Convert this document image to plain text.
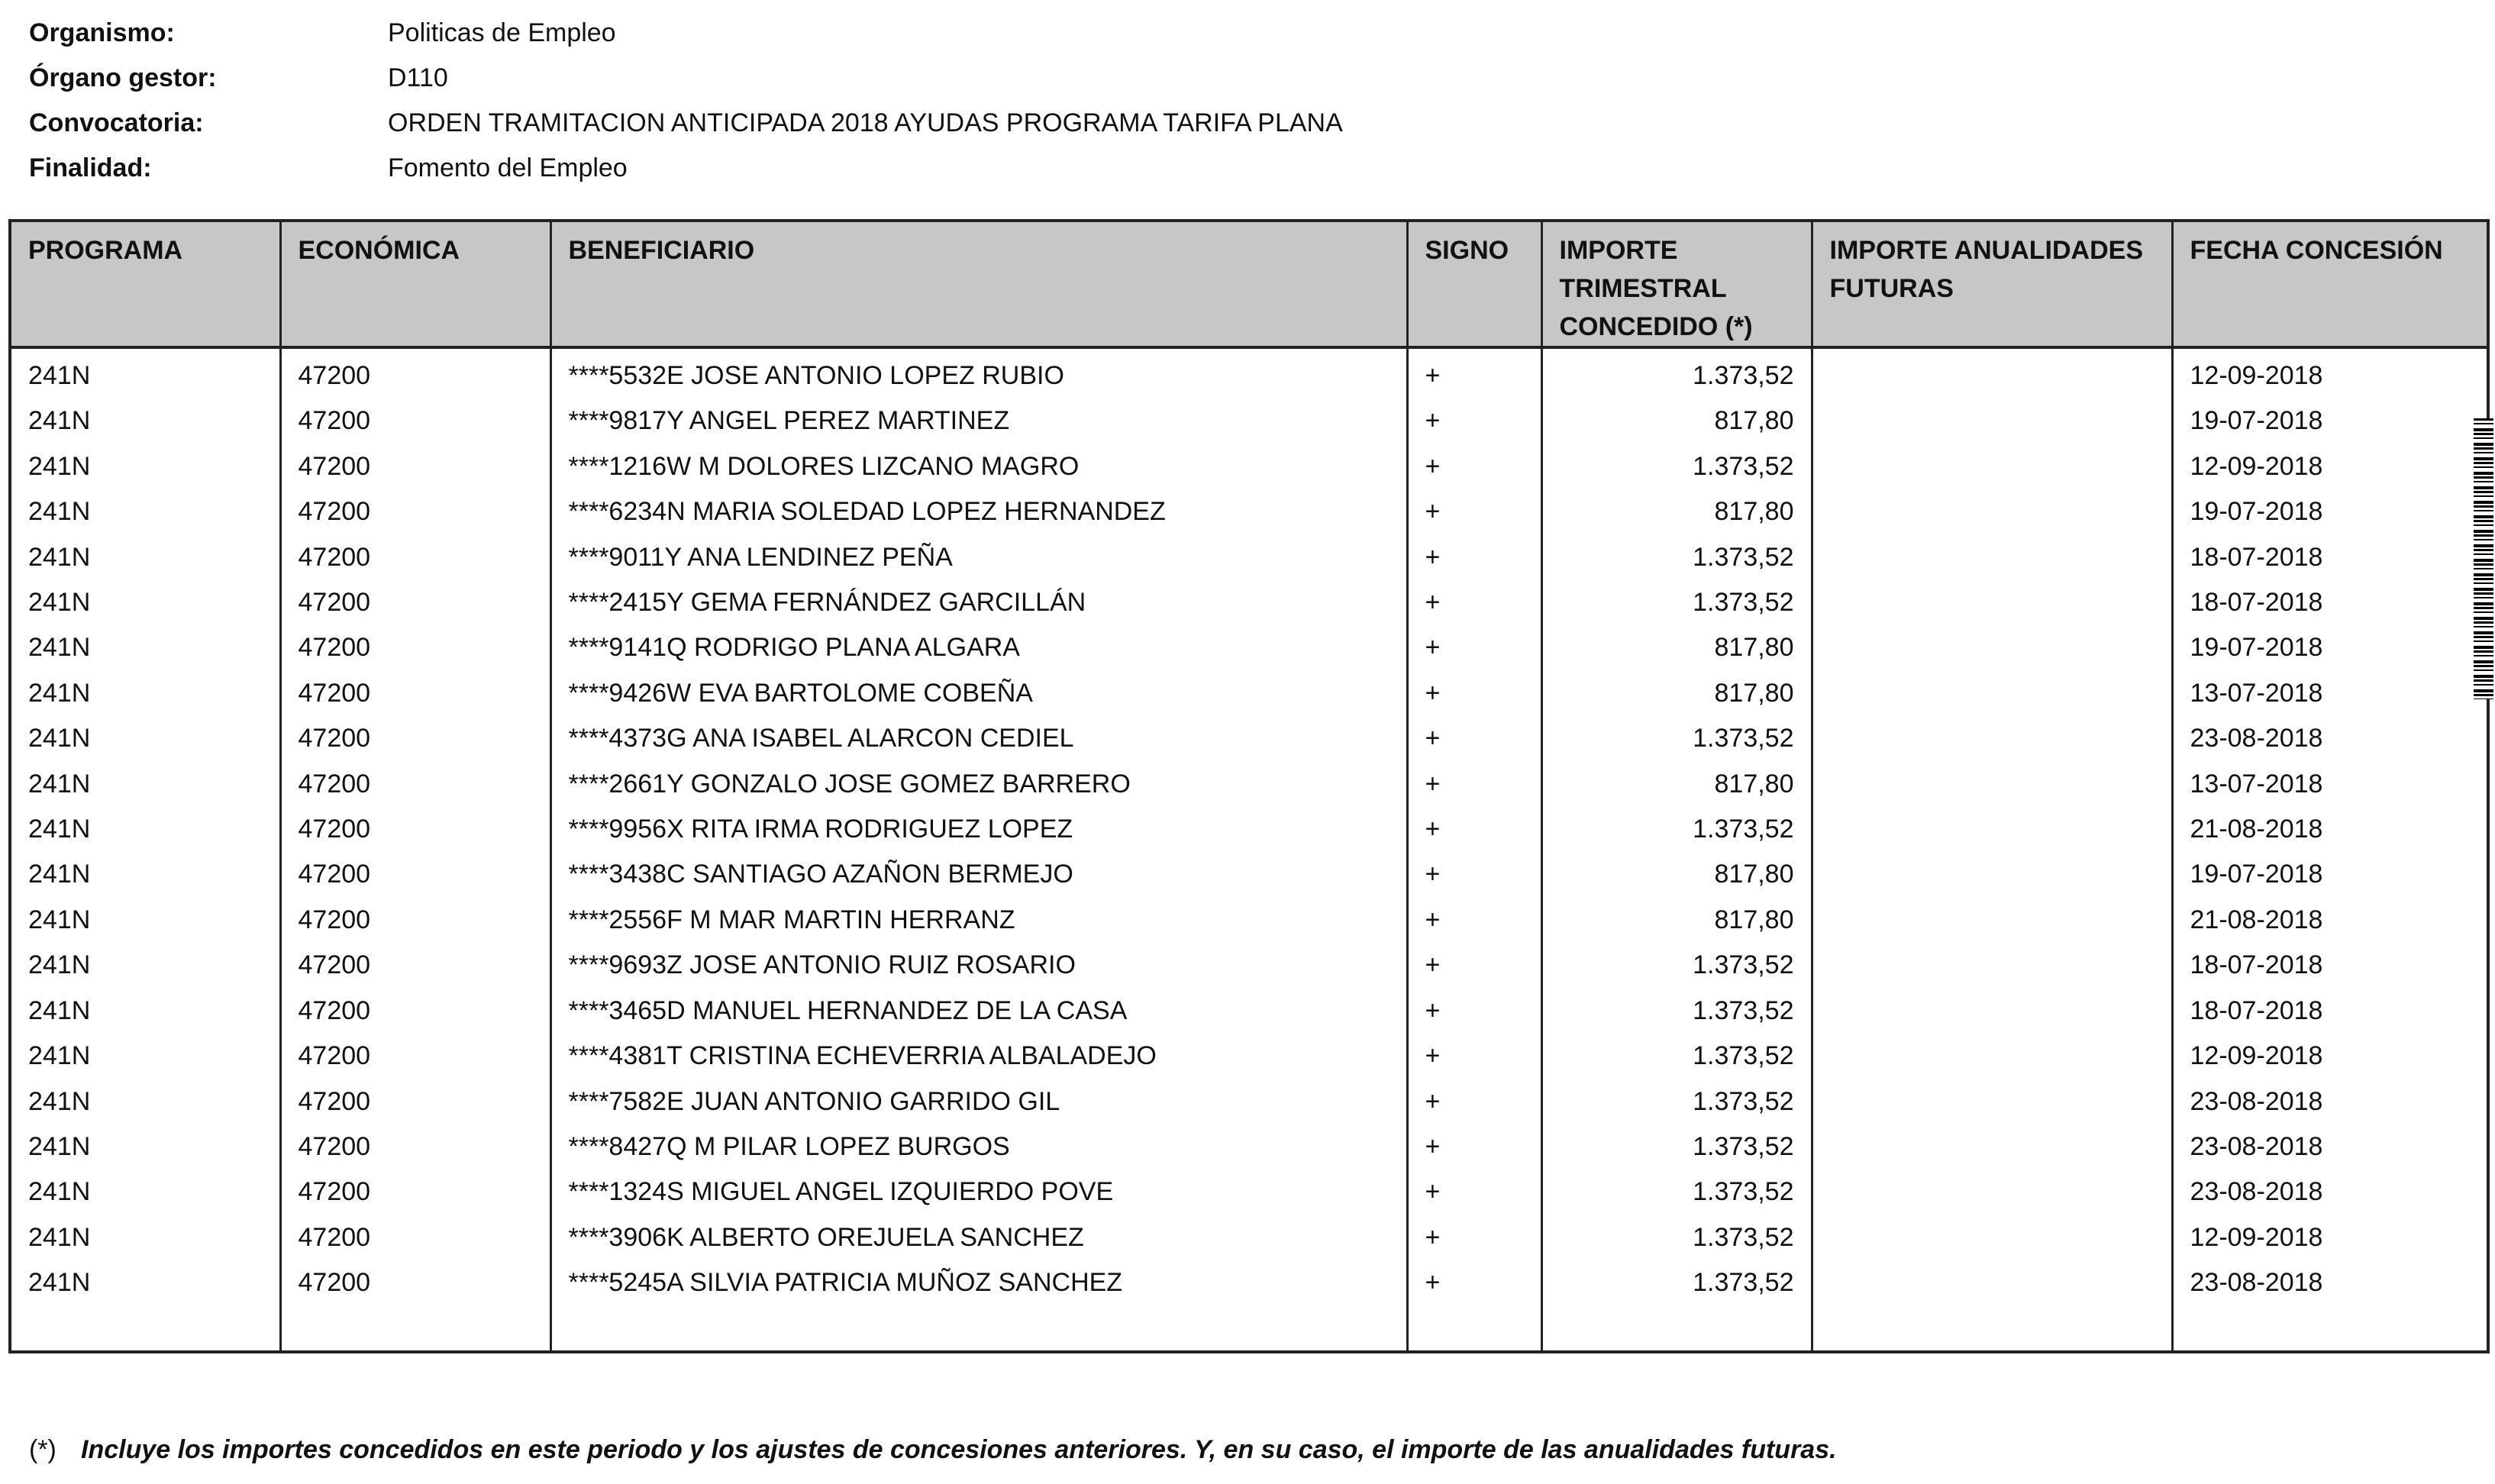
Organismo:	Politicas de Empleo
Órgano gestor:	D110
Convocatoria:	ORDEN TRAMITACION ANTICIPADA 2018 AYUDAS PROGRAMA TARIFA PLANA
Finalidad:	Fomento del Empleo
PROGRAMA	ECONÓMICA	BENEFICIARIO	SIGNO	IMPORTE TRIMESTRAL CONCEDIDO (*)	IMPORTE ANUALIDADES FUTURAS	FECHA CONCESIÓN
241N	47200	****5532E JOSE ANTONIO LOPEZ RUBIO	+	1.373,52		12-09-2018
241N	47200	****9817Y ANGEL PEREZ MARTINEZ	+	817,80		19-07-2018
241N	47200	****1216W M DOLORES LIZCANO MAGRO	+	1.373,52		12-09-2018
241N	47200	****6234N MARIA SOLEDAD LOPEZ HERNANDEZ	+	817,80		19-07-2018
241N	47200	****9011Y ANA LENDINEZ PEÑA	+	1.373,52		18-07-2018
241N	47200	****2415Y GEMA FERNÁNDEZ GARCILLÁN	+	1.373,52		18-07-2018
241N	47200	****9141Q RODRIGO PLANA ALGARA	+	817,80		19-07-2018
241N	47200	****9426W EVA BARTOLOME COBEÑA	+	817,80		13-07-2018
241N	47200	****4373G ANA ISABEL ALARCON CEDIEL	+	1.373,52		23-08-2018
241N	47200	****2661Y GONZALO JOSE GOMEZ BARRERO	+	817,80		13-07-2018
241N	47200	****9956X RITA IRMA RODRIGUEZ LOPEZ	+	1.373,52		21-08-2018
241N	47200	****3438C SANTIAGO AZAÑON BERMEJO	+	817,80		19-07-2018
241N	47200	****2556F M MAR MARTIN HERRANZ	+	817,80		21-08-2018
241N	47200	****9693Z JOSE ANTONIO RUIZ ROSARIO	+	1.373,52		18-07-2018
241N	47200	****3465D MANUEL HERNANDEZ DE LA CASA	+	1.373,52		18-07-2018
241N	47200	****4381T CRISTINA ECHEVERRIA ALBALADEJO	+	1.373,52		12-09-2018
241N	47200	****7582E JUAN ANTONIO GARRIDO GIL	+	1.373,52		23-08-2018
241N	47200	****8427Q M PILAR LOPEZ BURGOS	+	1.373,52		23-08-2018
241N	47200	****1324S MIGUEL ANGEL IZQUIERDO POVE	+	1.373,52		23-08-2018
241N	47200	****3906K ALBERTO OREJUELA SANCHEZ	+	1.373,52		12-09-2018
241N	47200	****5245A SILVIA PATRICIA MUÑOZ SANCHEZ	+	1.373,52		23-08-2018

(*) Incluye los importes concedidos en este periodo y los ajustes de concesiones anteriores. Y, en su caso, el importe de las anualidades futuras.
